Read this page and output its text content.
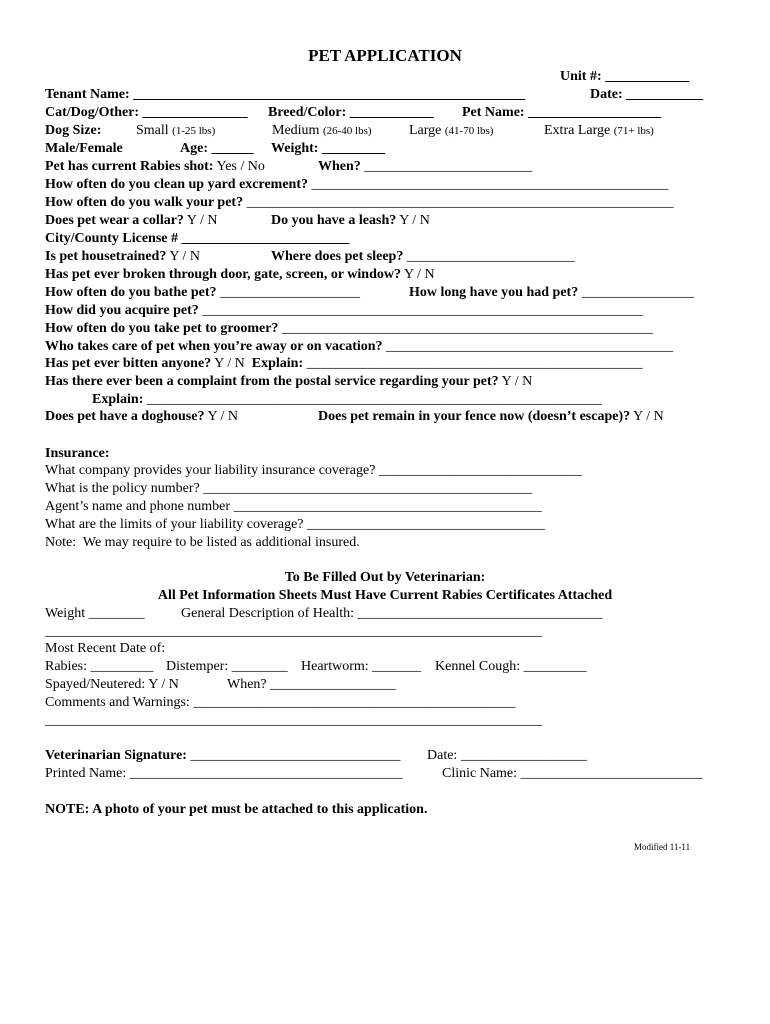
PET APPLICATION
Unit #: ____________
Tenant Name: ________________________________________________________	Date: ___________
Cat/Dog/Other: _______________ Breed/Color: ____________ Pet Name: ___________________
Dog Size: Small (1-25 lbs)	Medium (26-40 lbs)	Large (41-70 lbs)	Extra Large (71+ lbs)
Male/Female	Age: ______ Weight: _________
Pet has current Rabies shot: Yes / No	When? ________________________
How often do you clean up yard excrement? ___________________________________________________
How often do you walk your pet? _____________________________________________________________
Does pet wear a collar? Y / N	Do you have a leash? Y / N
City/County License # ________________________
Is pet housetrained? Y / N	Where does pet sleep? ________________________
Has pet ever broken through door, gate, screen, or window? Y / N
How often do you bathe pet? ____________________	How long have you had pet? ________________
How did you acquire pet? _______________________________________________________________
How often do you take pet to groomer? _____________________________________________________
Who takes care of pet when you’re away or on vacation? _________________________________________
Has pet ever bitten anyone? Y / N Explain: ________________________________________________
Has there ever been a complaint from the postal service regarding your pet? Y / N
Explain: _________________________________________________________________
Does pet have a doghouse? Y / N	Does pet remain in your fence now (doesn’t escape)? Y / N
Insurance:
What company provides your liability insurance coverage? _____________________________
What is the policy number? _______________________________________________
Agent’s name and phone number ____________________________________________
What are the limits of your liability coverage? __________________________________
Note:  We may require to be listed as additional insured.
To Be Filled Out by Veterinarian:
All Pet Information Sheets Must Have Current Rabies Certificates Attached
Weight ________	General Description of Health: ___________________________________
_______________________________________________________________________
Most Recent Date of:
Rabies: _________ Distemper: ________ Heartworm: _______ Kennel Cough: _________
Spayed/Neutered: Y / N	When? __________________
Comments and Warnings: ______________________________________________
_______________________________________________________________________
Veterinarian Signature: ______________________________ Date: __________________
Printed Name: _______________________________________	Clinic Name: __________________________
NOTE: A photo of your pet must be attached to this application.
Modified 11-11
